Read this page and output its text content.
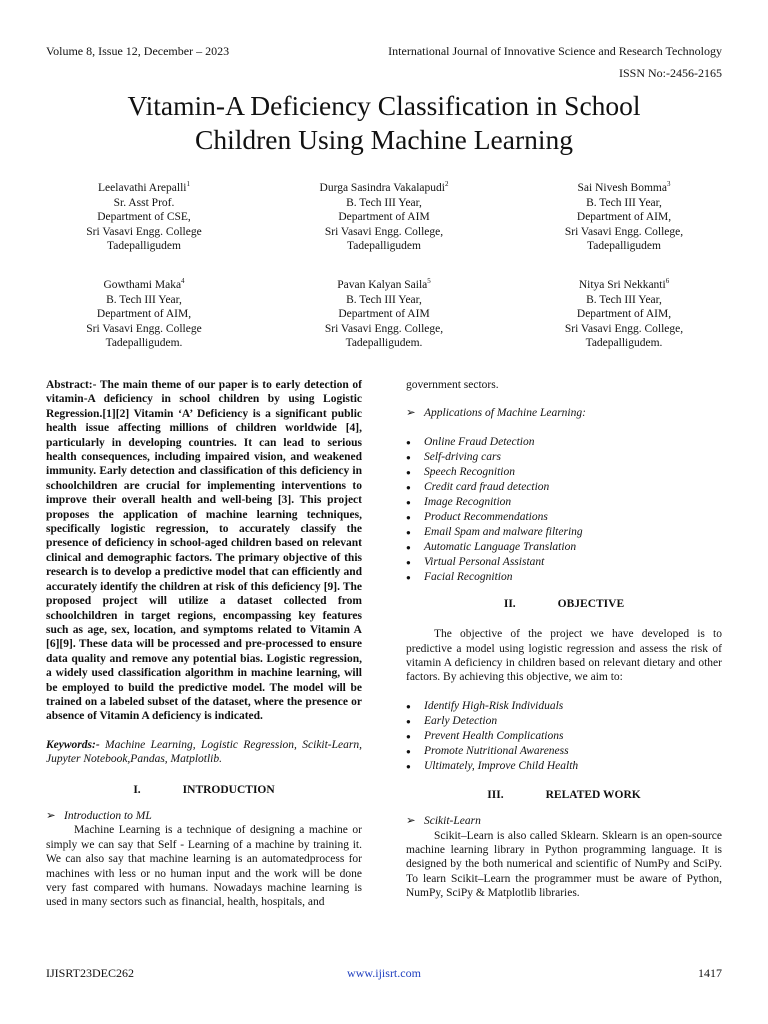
Volume 8, Issue 12, December – 2023	International Journal of Innovative Science and Research Technology
ISSN No:-2456-2165
Vitamin-A Deficiency Classification in School
Children Using Machine Learning
Leelavathi Arepalli$^1$
Sr. Asst Prof.
Department of CSE,
Sri Vasavi Engg. College
Tadepalligudem
Durga Sasindra Vakalapudi$^2$
B. Tech III Year,
Department of AIM
Sri Vasavi Engg. College,
Tadepalligudem
Sai Nivesh Bomma$^3$
B. Tech III Year,
Department of AIM,
Sri Vasavi Engg. College,
Tadepalligudem
Gowthami Maka$^4$
B. Tech III Year,
Department of AIM,
Sri Vasavi Engg. College
Tadepalligudem.
Pavan Kalyan Saila$^5$
B. Tech III Year,
Department of AIM
Sri Vasavi Engg. College,
Tadepalligudem.
Nitya Sri Nekkanti$^6$
B. Tech III Year,
Department of AIM,
Sri Vasavi Engg. College,
Tadepalligudem.

Abstract:- The main theme of our paper is to early detection of vitamin-A deficiency in school children by using Logistic Regression.[1][2] Vitamin ‘A’ Deficiency is a significant public health issue affecting millions of children worldwide [4], particularly in developing countries. It can lead to serious health consequences, including impaired vision, and weakened immunity. Early detection and classification of this deficiency in schoolchildren are crucial for implementing interventions to improve their overall health and well-being [3]. This project proposes the application of machine learning techniques, specifically logistic regression, to accurately classify the presence of deficiency in school-aged children based on relevant clinical and demographic factors. The primary objective of this research is to develop a predictive model that can efficiently and accurately identify the children at risk of this deficiency [9]. The proposed project will utilize a dataset collected from schoolchildren in target regions, encompassing key features such as age, sex, location, and symptoms related to Vitamin A [6][9]. These data will be processed and pre-processed to ensure data quality and remove any potential bias. Logistic regression, a widely used classification algorithm in machine learning, will be employed to build the predictive model. The model will be trained on a labeled subset of the dataset, where the presence or absence of Vitamin A deficiency is indicated.

Keywords:- Machine Learning, Logistic Regression, Scikit-Learn, Jupyter Notebook,Pandas, Matplotlib.

I.	INTRODUCTION

➢ Introduction to ML

Machine Learning is a technique of designing a machine or simply we can say that Self - Learning of a machine by training it. We can also say that machine learning is an automatedprocess for machines with less or no human input and the work will be done very fast compared with humans. Nowadays machine learning is used in many sectors such as financial, health, hospitals, and

government sectors.

➢ Applications of Machine Learning:

● Online Fraud Detection
● Self-driving cars
● Speech Recognition
● Credit card fraud detection
● Image Recognition
● Product Recommendations
● Email Spam and malware filtering
● Automatic Language Translation
● Virtual Personal Assistant
● Facial Recognition
II.	OBJECTIVE

The objective of the project we have developed is to predictive a model using logistic regression and assess the risk of vitamin A deficiency in children based on relevant dietary and other factors. By achieving this objective, we aim to:

● Identify High-Risk Individuals
● Early Detection
● Prevent Health Complications
● Promote Nutritional Awareness
● Ultimately, Improve Child Health
III.	RELATED WORK

➢ Scikit-Learn

Scikit–Learn is also called Sklearn. Sklearn is an open-source machine learning library in Python programming language. It is designed by the both numerical and scientific of NumPy and SciPy. To learn Scikit–Learn the programmer must be aware of Python, NumPy, SciPy & Matplotlib libraries.

IJISRT23DEC262	www.ijisrt.com	1417
